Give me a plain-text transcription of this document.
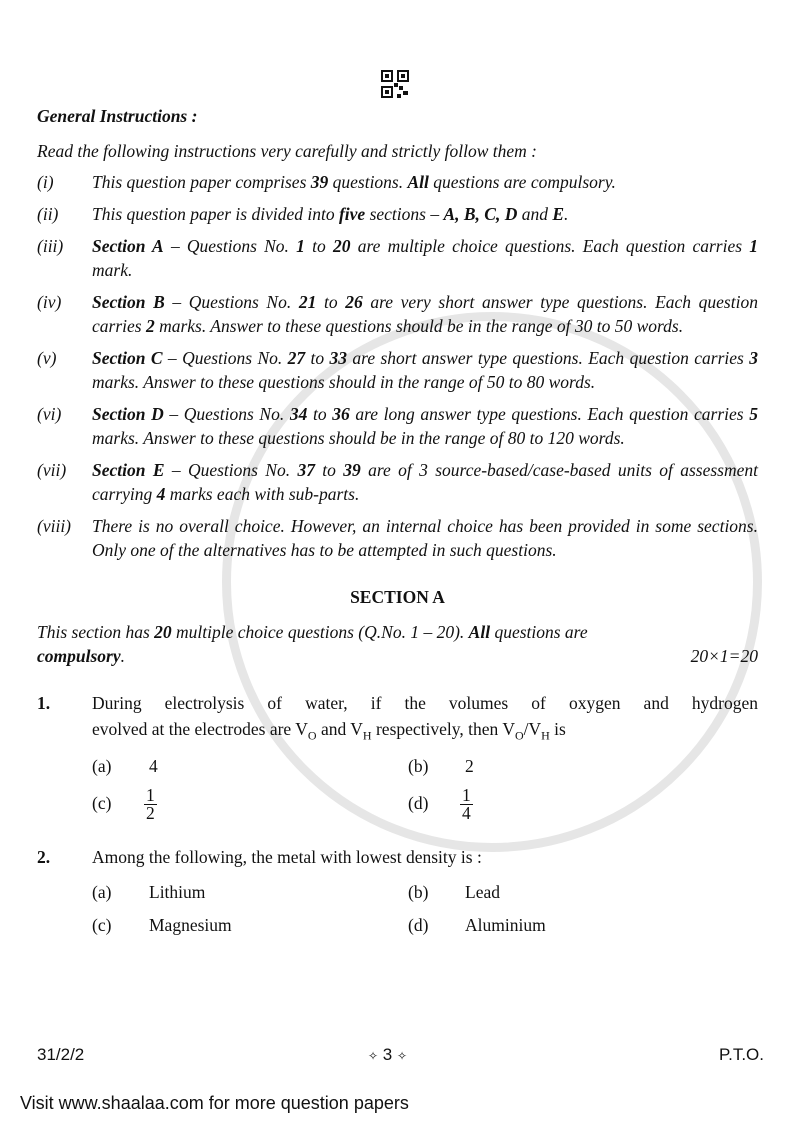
General Instructions :
Read the following instructions very carefully and strictly follow them :
(i)	This question paper comprises 39 questions. All questions are compulsory.
(ii)	This question paper is divided into five sections – A, B, C, D and E.
(iii)	Section A – Questions No. 1 to 20 are multiple choice questions. Each question carries 1 mark.
(iv)	Section B – Questions No. 21 to 26 are very short answer type questions. Each question carries 2 marks. Answer to these questions should be in the range of 30 to 50 words.
(v)	Section C – Questions No. 27 to 33 are short answer type questions. Each question carries 3 marks. Answer to these questions should in the range of 50 to 80 words.
(vi)	Section D – Questions No. 34 to 36 are long answer type questions. Each question carries 5 marks. Answer to these questions should be in the range of 80 to 120 words.
(vii)	Section E – Questions No. 37 to 39 are of 3 source-based/case-based units of assessment carrying 4 marks each with sub-parts.
(viii)	There is no overall choice. However, an internal choice has been provided in some sections. Only one of the alternatives has to be attempted in such questions.
SECTION A
This section has 20 multiple choice questions (Q.No. 1 – 20). All questions are
compulsory.	20×1=20
1.	During electrolysis of water, if the volumes of oxygen and hydrogen
evolved at the electrodes are $V_O$ and $V_H$ respectively, then $V_O/V_H$ is
(a)	4	(b)	2
(c)	$\frac{1}{2}$	(d)	$\frac{1}{4}$
2.	Among the following, the metal with lowest density is :
(a)	Lithium	(b)	Lead
(c)	Magnesium	(d)	Aluminium
31/2/2	✧ 3 ✧	P.T.O.
Visit www.shaalaa.com for more question papers
